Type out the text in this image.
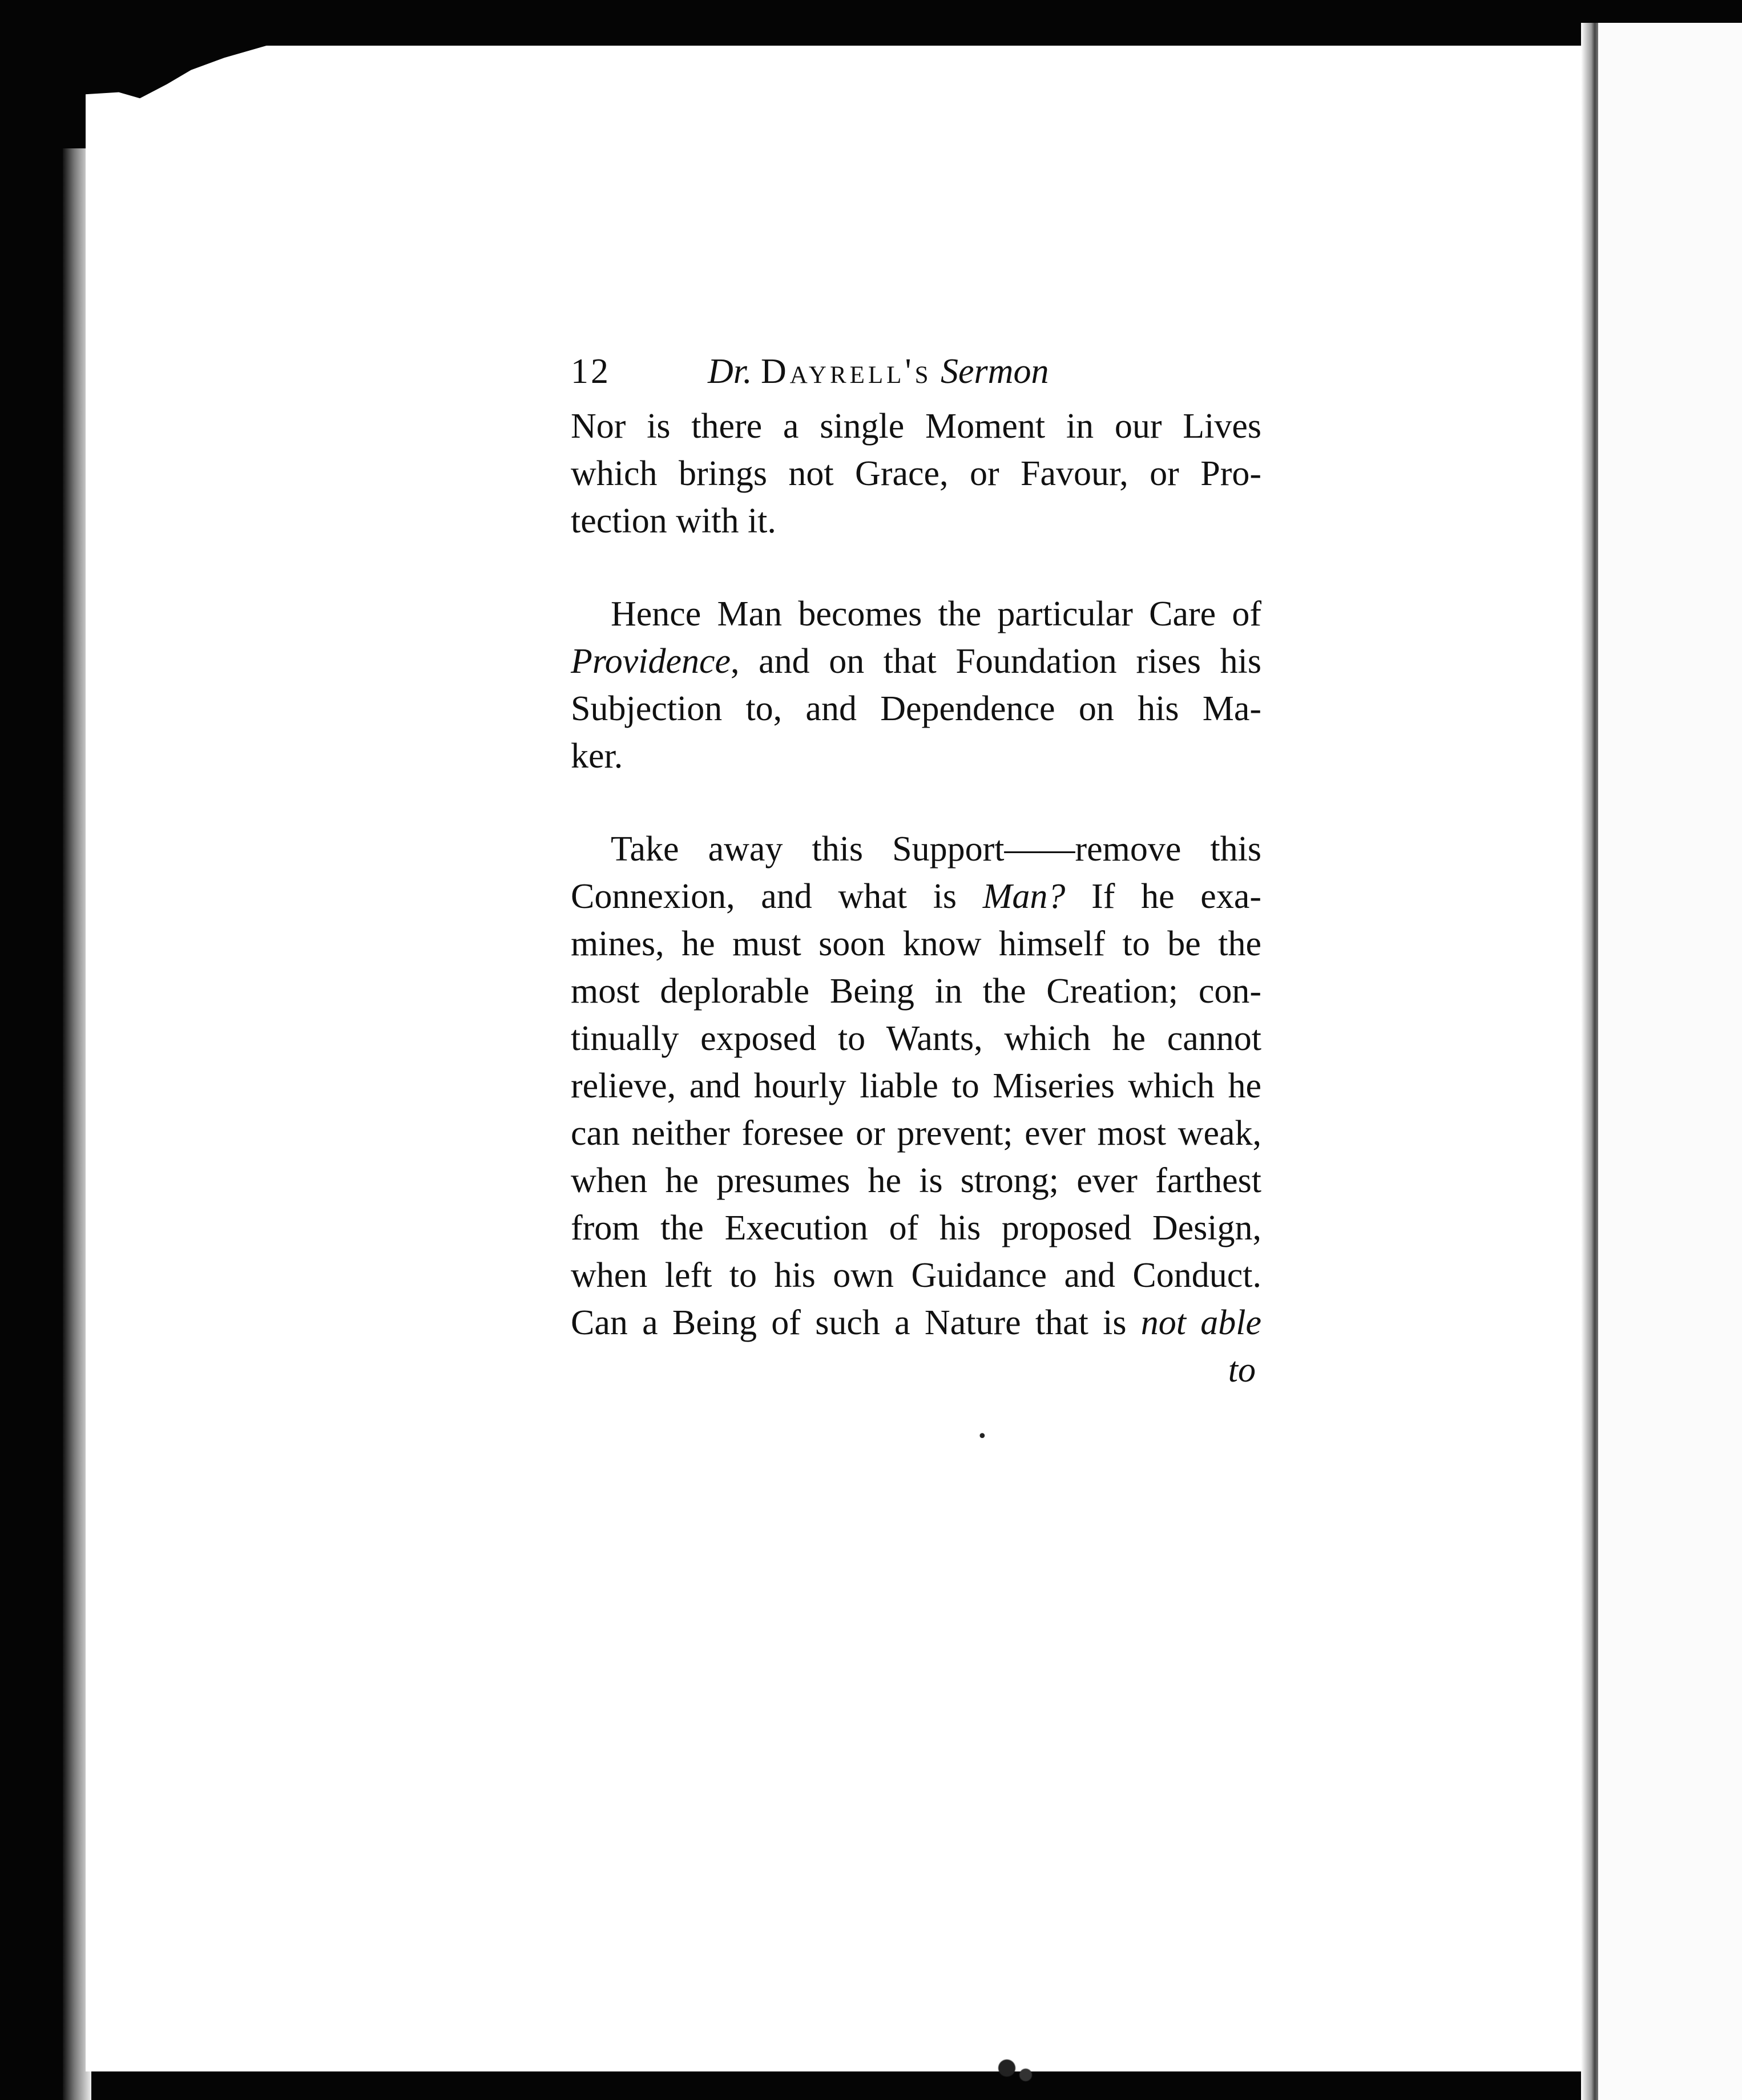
12	Dr. Dayrell's Sermon
Nor is there a single Moment in our Lives
which brings not Grace, or Favour, or Pro-
tection with it.
Hence Man becomes the particular Care of
Providence, and on that Foundation rises his
Subjection to, and Dependence on his Ma-
ker.
Take away this Support——remove this
Connexion, and what is Man? If he exa-
mines, he must soon know himself to be the
most deplorable Being in the Creation; con-
tinually exposed to Wants, which he cannot
relieve, and hourly liable to Miseries which he
can neither foresee or prevent; ever most weak,
when he presumes he is strong; ever farthest
from the Execution of his proposed Design,
when left to his own Guidance and Conduct.
Can a Being of such a Nature that is not able
to
•
